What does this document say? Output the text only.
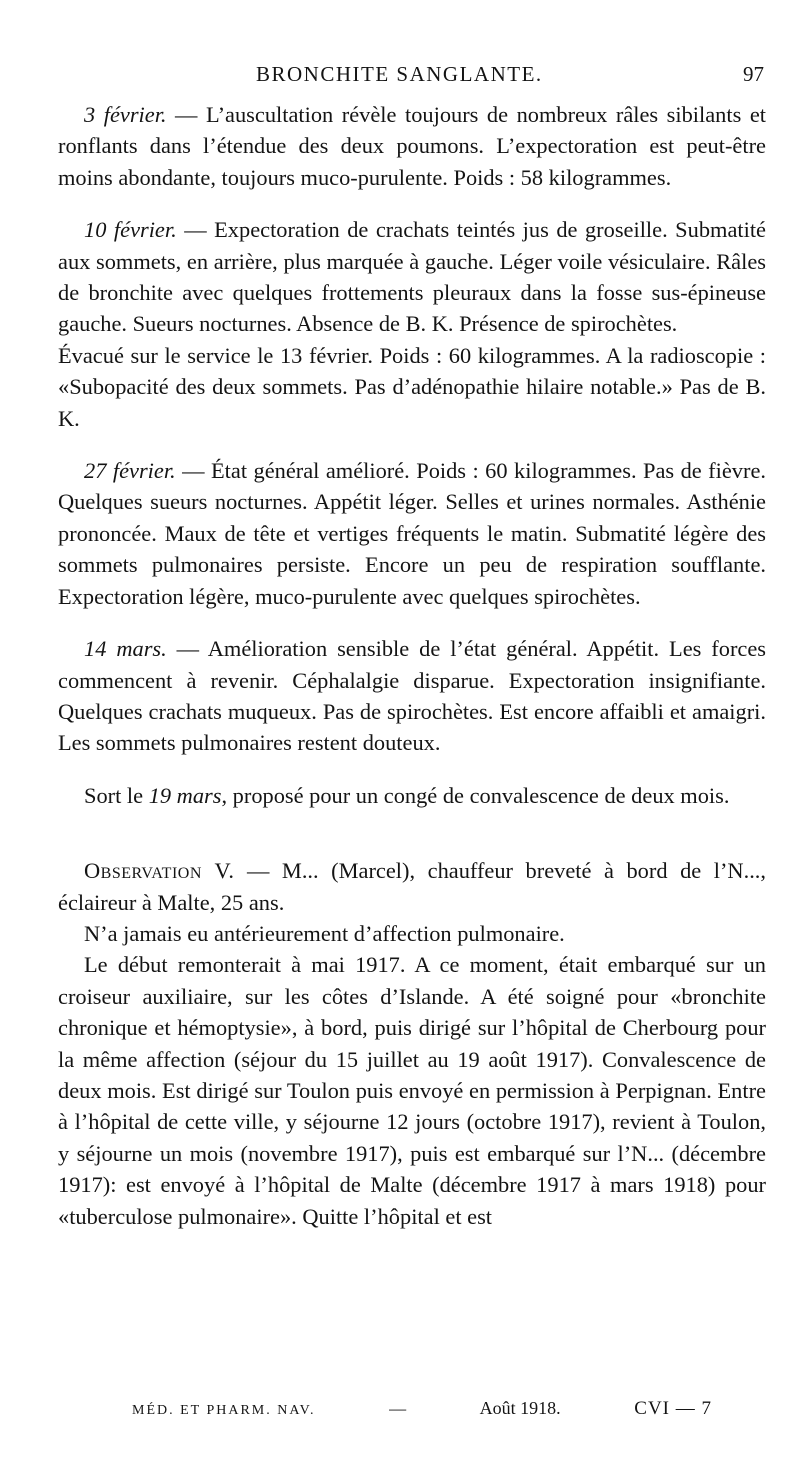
BRONCHITE SANGLANTE.	97

3 février. — L’auscultation révèle toujours de nombreux râles sibilants et ronflants dans l’étendue des deux poumons. L’expectoration est peut-être moins abondante, toujours muco-purulente. Poids : 58 kilogrammes.

10 février. — Expectoration de crachats teintés jus de groseille. Submatité aux sommets, en arrière, plus marquée à gauche. Léger voile vésiculaire. Râles de bronchite avec quelques frottements pleuraux dans la fosse sus-épineuse gauche. Sueurs nocturnes. Absence de B. K. Présence de spirochètes.

Évacué sur le service le 13 février. Poids : 60 kilogrammes. A la radioscopie : «Subopacité des deux sommets. Pas d’adénopathie hilaire notable.» Pas de B. K.

27 février. — État général amélioré. Poids : 60 kilogrammes. Pas de fièvre. Quelques sueurs nocturnes. Appétit léger. Selles et urines normales. Asthénie prononcée. Maux de tête et vertiges fréquents le matin. Submatité légère des sommets pulmonaires persiste. Encore un peu de respiration soufflante. Expectoration légère, muco-purulente avec quelques spirochètes.

14 mars. — Amélioration sensible de l’état général. Appétit. Les forces commencent à revenir. Céphalalgie disparue. Expectoration insignifiante. Quelques crachats muqueux. Pas de spirochètes. Est encore affaibli et amaigri. Les sommets pulmonaires restent douteux.

Sort le 19 mars, proposé pour un congé de convalescence de deux mois.

Observation V. — M... (Marcel), chauffeur breveté à bord de l’N..., éclaireur à Malte, 25 ans.

N’a jamais eu antérieurement d’affection pulmonaire.

Le début remonterait à mai 1917. A ce moment, était embarqué sur un croiseur auxiliaire, sur les côtes d’Islande. A été soigné pour «bronchite chronique et hémoptysie», à bord, puis dirigé sur l’hôpital de Cherbourg pour la même affection (séjour du 15 juillet au 19 août 1917). Convalescence de deux mois. Est dirigé sur Toulon puis envoyé en permission à Perpignan. Entre à l’hôpital de cette ville, y séjourne 12 jours (octobre 1917), revient à Toulon, y séjourne un mois (novembre 1917), puis est embarqué sur l’N... (décembre 1917): est envoyé à l’hôpital de Malte (décembre 1917 à mars 1918) pour «tuberculose pulmonaire». Quitte l’hôpital et est

MÉD. ET PHARM. NAV.	—	Août 1918.	CVI — 7
